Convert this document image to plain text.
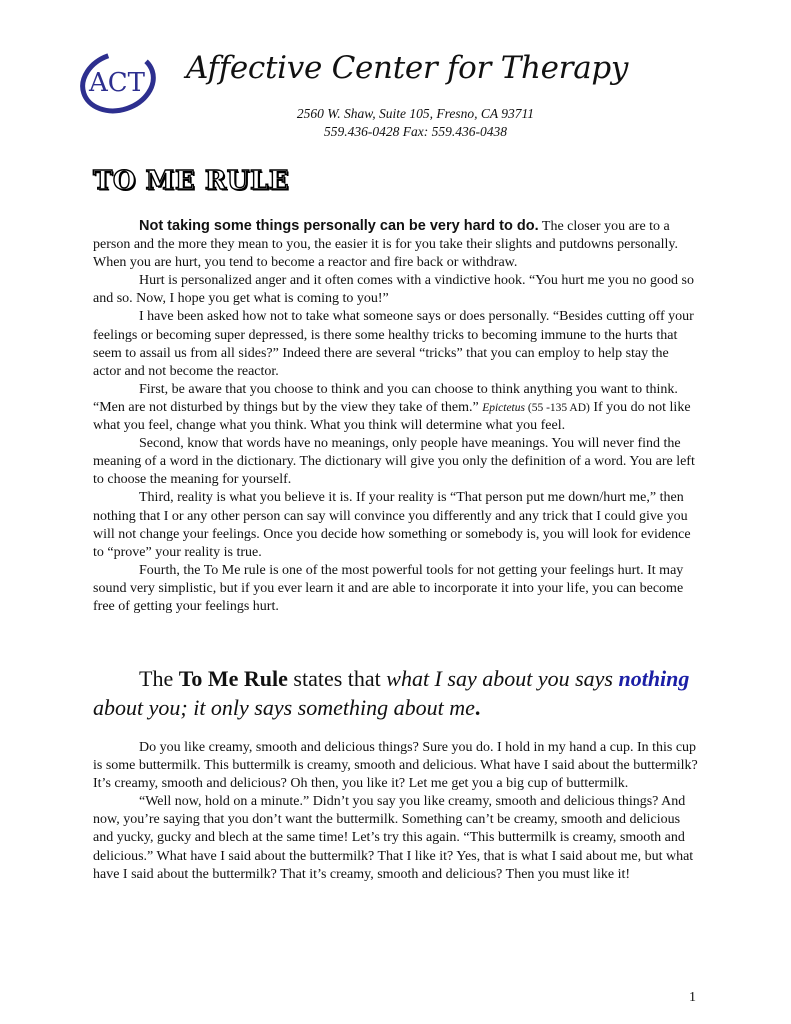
ACT Affective Center for Therapy
2560 W. Shaw, Suite 105, Fresno, CA 93711
559.436-0428 Fax: 559.436-0438
TO ME RULE

Not taking some things personally can be very hard to do. The closer you are to a person and the more they mean to you, the easier it is for you take their slights and putdowns personally. When you are hurt, you tend to become a reactor and fire back or withdraw.

Hurt is personalized anger and it often comes with a vindictive hook. “You hurt me you no good so and so. Now, I hope you get what is coming to you!”

I have been asked how not to take what someone says or does personally. “Besides cutting off your feelings or becoming super depressed, is there some healthy tricks to becoming immune to the hurts that seem to assail us from all sides?” Indeed there are several “tricks” that you can employ to help stay the actor and not become the reactor.

First, be aware that you choose to think and you can choose to think anything you want to think. “Men are not disturbed by things but by the view they take of them.” Epictetus (55 -135 AD) If you do not like what you feel, change what you think. What you think will determine what you feel.

Second, know that words have no meanings, only people have meanings. You will never find the meaning of a word in the dictionary. The dictionary will give you only the definition of a word. You are left to choose the meaning for yourself.

Third, reality is what you believe it is. If your reality is “That person put me down/hurt me,” then nothing that I or any other person can say will convince you differently and any trick that I could give you will not change your feelings. Once you decide how something or somebody is, you will look for evidence to “prove” your reality is true.

Fourth, the To Me rule is one of the most powerful tools for not getting your feelings hurt. It may sound very simplistic, but if you ever learn it and are able to incorporate it into your life, you can become free of getting your feelings hurt.

The To Me Rule states that what I say about you says nothing about you; it only says something about me.

Do you like creamy, smooth and delicious things? Sure you do. I hold in my hand a cup. In this cup is some buttermilk. This buttermilk is creamy, smooth and delicious. What have I said about the buttermilk? It’s creamy, smooth and delicious? Oh then, you like it? Let me get you a big cup of buttermilk.

“Well now, hold on a minute.” Didn’t you say you like creamy, smooth and delicious things? And now, you’re saying that you don’t want the buttermilk. Something can’t be creamy, smooth and delicious and yucky, gucky and blech at the same time! Let’s try this again. “This buttermilk is creamy, smooth and delicious.” What have I said about the buttermilk? That I like it? Yes, that is what I said about me, but what have I said about the buttermilk? That it’s creamy, smooth and delicious? Then you must like it!

1
